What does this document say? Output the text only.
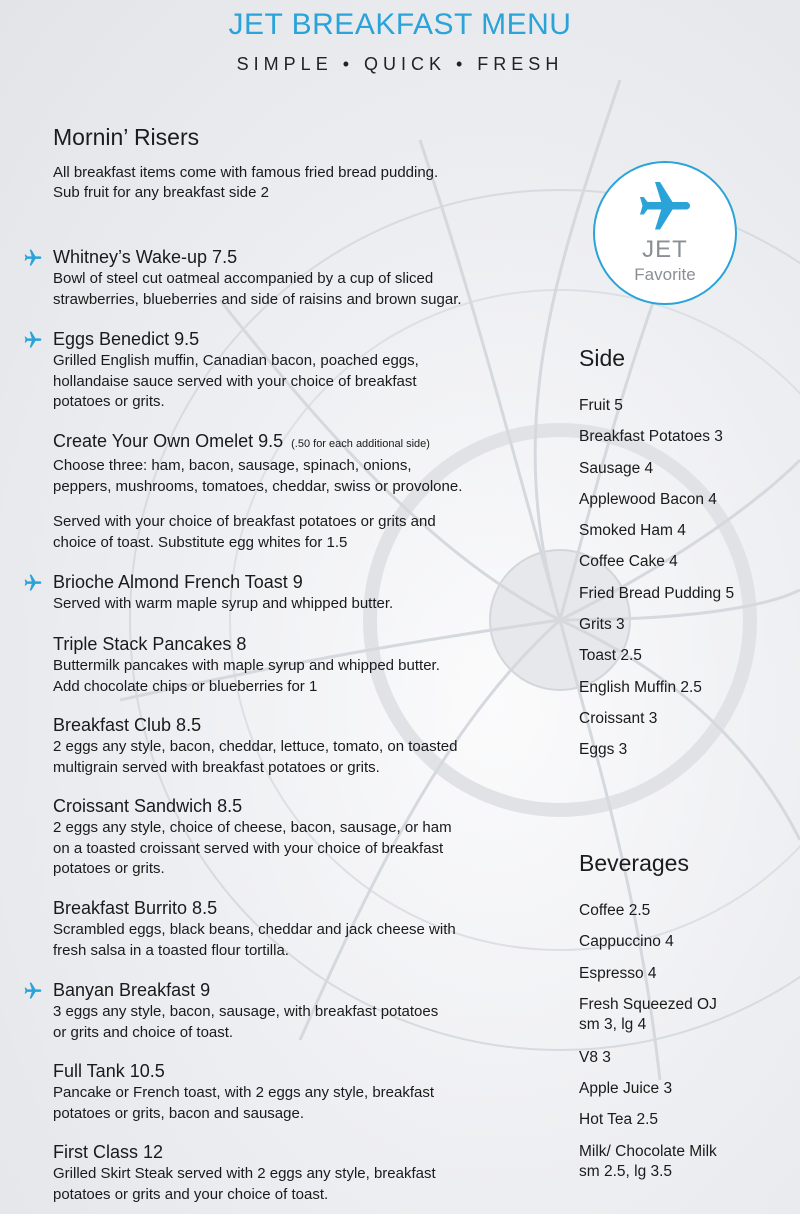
JET BREAKFAST MENU
SIMPLE • QUICK • FRESH
Mornin’ Risers
All breakfast items come with famous fried bread pudding.
Sub fruit for any breakfast side 2
JET
Favorite
Whitney’s Wake-up 7.5
Bowl of steel cut oatmeal accompanied by a cup of sliced
strawberries, blueberries and side of raisins and brown sugar.
Eggs Benedict 9.5
Grilled English muffin, Canadian bacon, poached eggs,
hollandaise sauce served with your choice of breakfast
potatoes or grits.
Create Your Own Omelet 9.5 (.50 for each additional side)
Choose three: ham, bacon, sausage, spinach, onions,
peppers, mushrooms, tomatoes, cheddar, swiss or provolone.
Served with your choice of breakfast potatoes or grits and
choice of toast. Substitute egg whites for 1.5
Brioche Almond French Toast 9
Served with warm maple syrup and whipped butter.
Triple Stack Pancakes 8
Buttermilk pancakes with maple syrup and whipped butter.
Add chocolate chips or blueberries for 1
Breakfast Club 8.5
2 eggs any style, bacon, cheddar, lettuce, tomato, on toasted
multigrain served with breakfast potatoes or grits.
Croissant Sandwich 8.5
2 eggs any style, choice of cheese, bacon, sausage, or ham
on a toasted croissant served with your choice of breakfast
potatoes or grits.
Breakfast Burrito 8.5
Scrambled eggs, black beans, cheddar and jack cheese with
fresh salsa in a toasted flour tortilla.
Banyan Breakfast 9
3 eggs any style, bacon, sausage, with breakfast potatoes
or grits and choice of toast.
Full Tank 10.5
Pancake or French toast, with 2 eggs any style, breakfast
potatoes or grits, bacon and sausage.
First Class 12
Grilled Skirt Steak served with 2 eggs any style, breakfast
potatoes or grits and your choice of toast.
Side
Fruit 5
Breakfast Potatoes 3
Sausage 4
Applewood Bacon 4
Smoked Ham 4
Coffee Cake 4
Fried Bread Pudding 5
Grits 3
Toast 2.5
English Muffin 2.5
Croissant 3
Eggs 3
Beverages
Coffee 2.5
Cappuccino 4
Espresso 4
Fresh Squeezed OJ
sm 3, lg 4
V8 3
Apple Juice 3
Hot Tea 2.5
Milk/ Chocolate Milk
sm 2.5, lg 3.5
